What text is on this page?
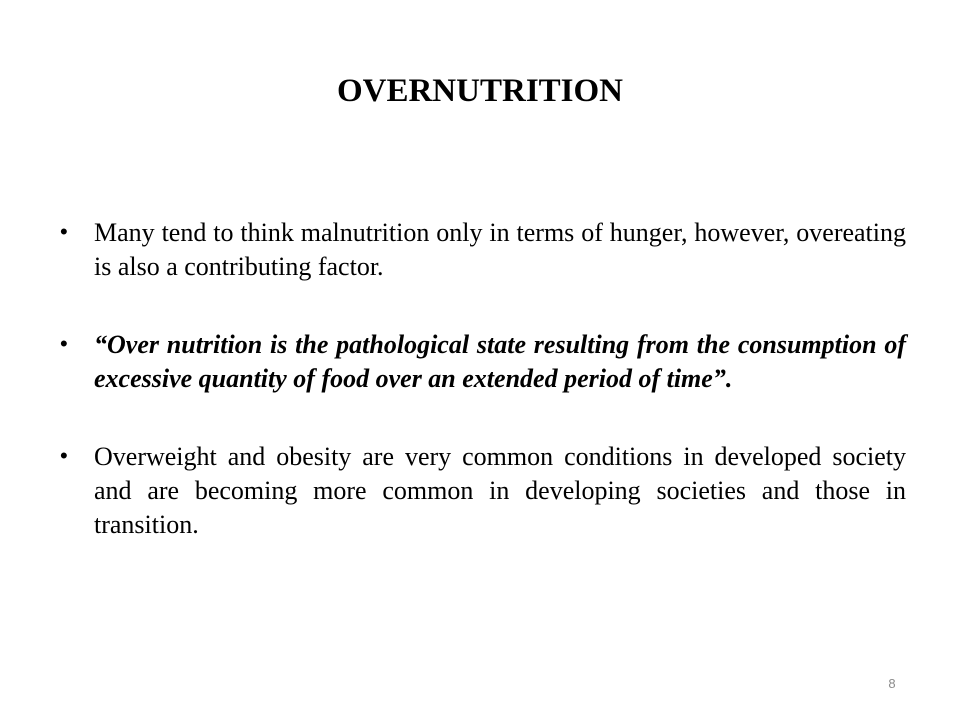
OVERNUTRITION
• Many tend to think malnutrition only in terms of hunger, however, overeating is also a contributing factor.
• “Over nutrition is the pathological state resulting from the consumption of excessive quantity of food over an extended period of time”.
• Overweight and obesity are very common conditions in developed society and are becoming more common in developing societies and those in transition.
8
